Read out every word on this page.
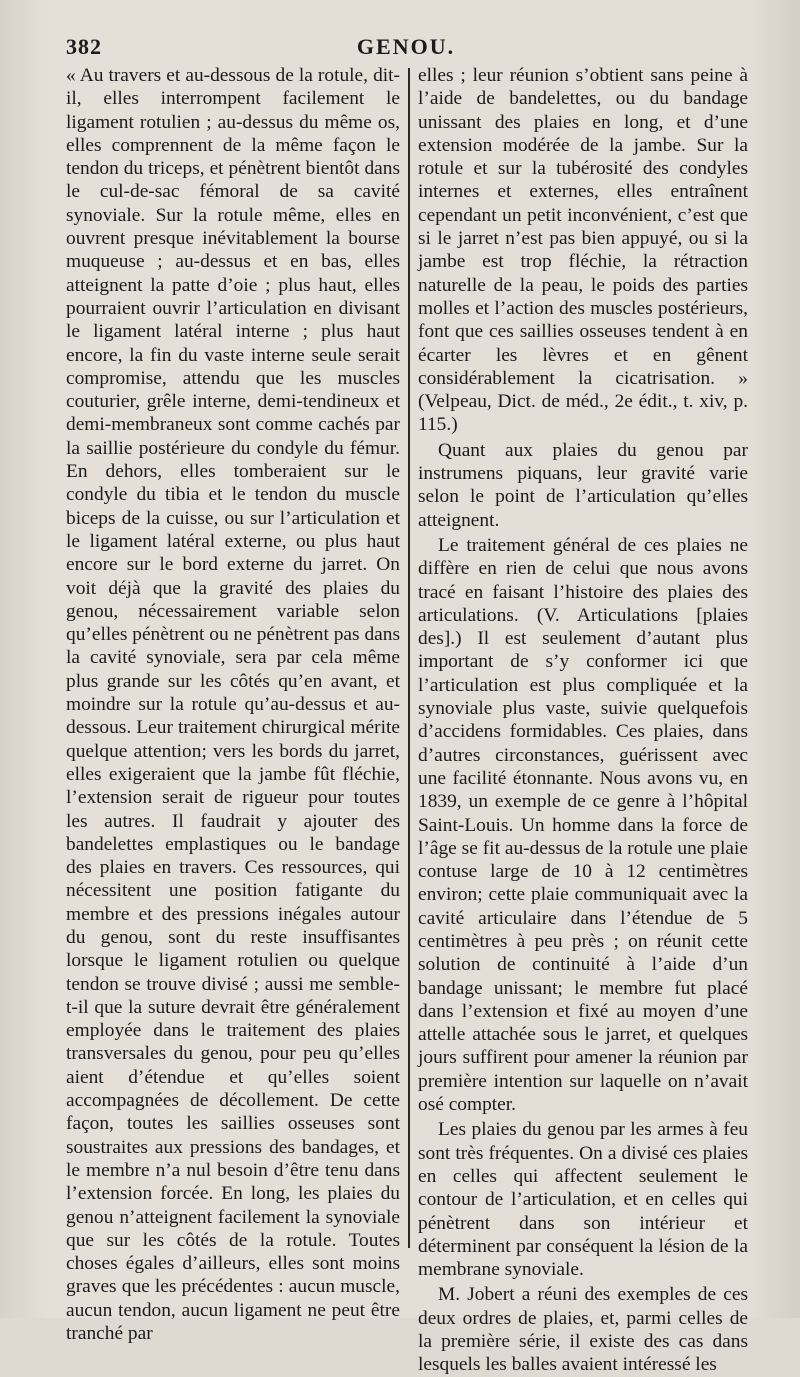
382	GENOU.

« Au travers et au-dessous de la rotule, dit-il, elles interrompent facilement le ligament rotulien ; au-dessus du même os, elles comprennent de la même façon le tendon du triceps, et pénètrent bientôt dans le cul-de-sac fémoral de sa cavité synoviale. Sur la rotule même, elles en ouvrent presque inévitablement la bourse muqueuse ; au-dessus et en bas, elles atteignent la patte d’oie ; plus haut, elles pourraient ouvrir l’articulation en divisant le ligament latéral interne ; plus haut encore, la fin du vaste interne seule serait compromise, attendu que les muscles couturier, grêle interne, demi-tendineux et demi-membraneux sont comme cachés par la saillie postérieure du condyle du fémur. En dehors, elles tomberaient sur le condyle du tibia et le tendon du muscle biceps de la cuisse, ou sur l’articulation et le ligament latéral externe, ou plus haut encore sur le bord externe du jarret. On voit déjà que la gravité des plaies du genou, nécessairement variable selon qu’elles pénètrent ou ne pénètrent pas dans la cavité synoviale, sera par cela même plus grande sur les côtés qu’en avant, et moindre sur la rotule qu’au-dessus et au-dessous. Leur traitement chirurgical mérite quelque attention; vers les bords du jarret, elles exigeraient que la jambe fût fléchie, l’extension serait de rigueur pour toutes les autres. Il faudrait y ajouter des bandelettes emplastiques ou le bandage des plaies en travers. Ces ressources, qui nécessitent une position fatigante du membre et des pressions inégales autour du genou, sont du reste insuffisantes lorsque le ligament rotulien ou quelque tendon se trouve divisé ; aussi me semble-t-il que la suture devrait être généralement employée dans le traitement des plaies transversales du genou, pour peu qu’elles aient d’étendue et qu’elles soient accompagnées de décollement. De cette façon, toutes les saillies osseuses sont soustraites aux pressions des bandages, et le membre n’a nul besoin d’être tenu dans l’extension forcée. En long, les plaies du genou n’atteignent facilement la synoviale que sur les côtés de la rotule. Toutes choses égales d’ailleurs, elles sont moins graves que les précédentes : aucun muscle, aucun tendon, aucun ligament ne peut être tranché par

elles ; leur réunion s’obtient sans peine à l’aide de bandelettes, ou du bandage unissant des plaies en long, et d’une extension modérée de la jambe. Sur la rotule et sur la tubérosité des condyles internes et externes, elles entraînent cependant un petit inconvénient, c’est que si le jarret n’est pas bien appuyé, ou si la jambe est trop fléchie, la rétraction naturelle de la peau, le poids des parties molles et l’action des muscles postérieurs, font que ces saillies osseuses tendent à en écarter les lèvres et en gênent considérablement la cicatrisation. » (Velpeau, Dict. de méd., 2e édit., t. xiv, p. 115.)

Quant aux plaies du genou par instrumens piquans, leur gravité varie selon le point de l’articulation qu’elles atteignent.

Le traitement général de ces plaies ne diffère en rien de celui que nous avons tracé en faisant l’histoire des plaies des articulations. (V. Articulations [plaies des].) Il est seulement d’autant plus important de s’y conformer ici que l’articulation est plus compliquée et la synoviale plus vaste, suivie quelquefois d’accidens formidables. Ces plaies, dans d’autres circonstances, guérissent avec une facilité étonnante. Nous avons vu, en 1839, un exemple de ce genre à l’hôpital Saint-Louis. Un homme dans la force de l’âge se fit au-dessus de la rotule une plaie contuse large de 10 à 12 centimètres environ; cette plaie communiquait avec la cavité articulaire dans l’étendue de 5 centimètres à peu près ; on réunit cette solution de continuité à l’aide d’un bandage unissant; le membre fut placé dans l’extension et fixé au moyen d’une attelle attachée sous le jarret, et quelques jours suffirent pour amener la réunion par première intention sur laquelle on n’avait osé compter.

Les plaies du genou par les armes à feu sont très fréquentes. On a divisé ces plaies en celles qui affectent seulement le contour de l’articulation, et en celles qui pénètrent dans son intérieur et déterminent par conséquent la lésion de la membrane synoviale.

M. Jobert a réuni des exemples de ces deux ordres de plaies, et, parmi celles de la première série, il existe des cas dans lesquels les balles avaient intéressé les
